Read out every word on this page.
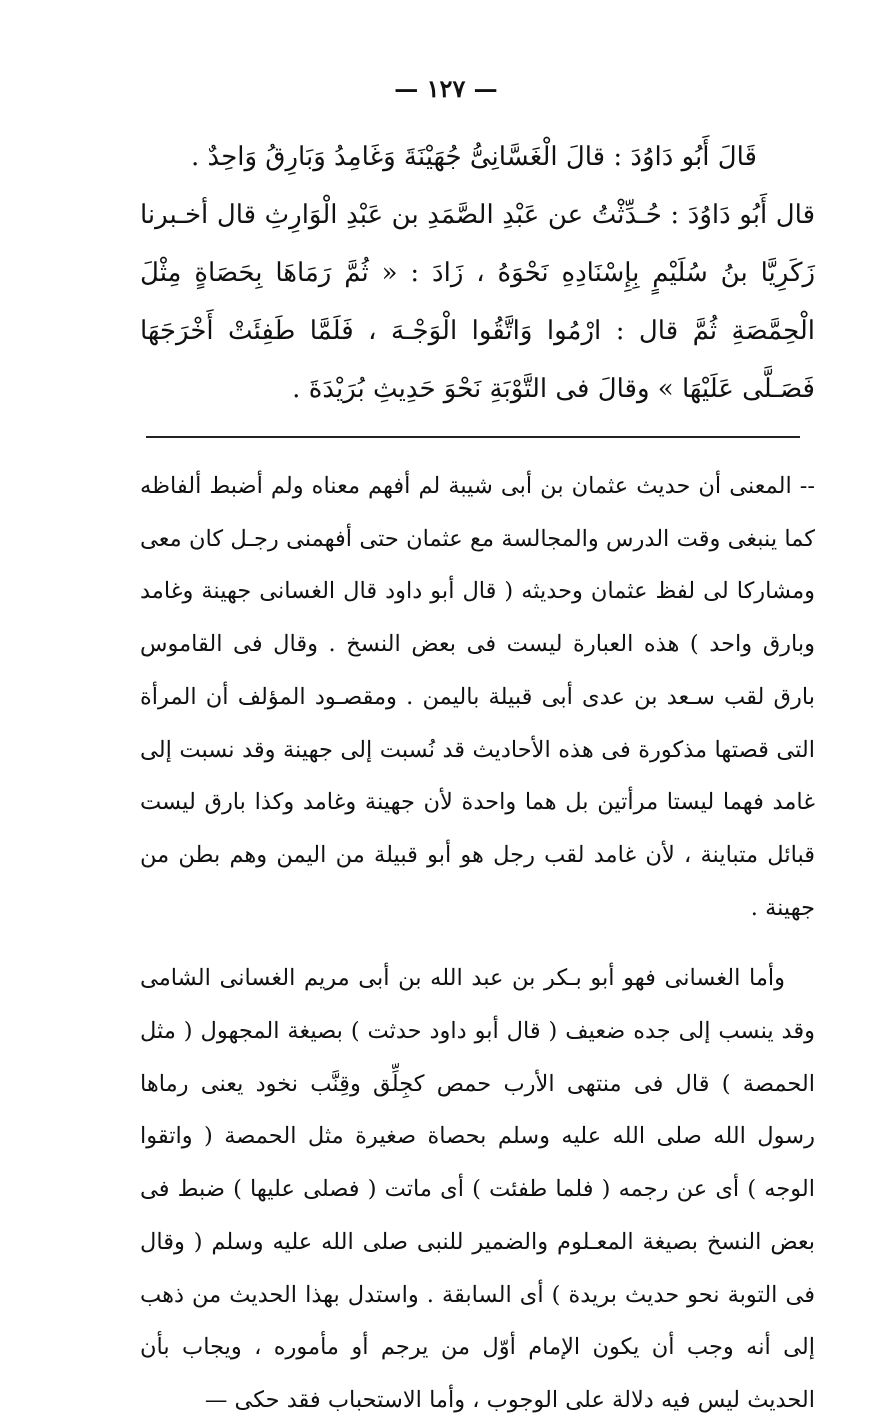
— ١٢٧ —

قَالَ أَبُو دَاوُدَ : قالَ الْغَسَّانِىُّ جُهَيْنَةَ وَغَامِدُ وَبَارِقُ وَاحِدٌ .

قال أَبُو دَاوُدَ : حُـدِّثْتُ عن عَبْدِ الصَّمَدِ بن عَبْدِ الْوَارِثِ قال أخـبرنا زَكَرِيَّا بنُ سُلَيْمٍ بِإِسْنَادِهِ نَحْوَهُ ، زَادَ : « ثُمَّ رَمَاهَا بِحَصَاةٍ مِثْلَ الْحِمَّصَةِ ثُمَّ قال : ارْمُوا وَاتَّقُوا الْوَجْـهَ ، فَلَمَّا طَفِئَتْ أَخْرَجَهَا فَصَـلَّى عَلَيْهَا » وقالَ فى التَّوْبَةِ نَحْوَ حَدِيثِ بُرَيْدَةَ .

-- المعنى أن حديث عثمان بن أبى شيبة لم أفهم معناه ولم أضبط ألفاظه كما ينبغى وقت الدرس والمجالسة مع عثمان حتى أفهمنى رجـل كان معى ومشاركا لى لفظ عثمان وحديثه ( قال أبو داود قال الغسانى جهينة وغامد وبارق واحد ) هذه العبارة ليست فى بعض النسخ . وقال فى القاموس بارق لقب سـعد بن عدى أبى قبيلة باليمن . ومقصـود المؤلف أن المرأة التى قصتها مذكورة فى هذه الأحاديث قد نُسبت إلى جهينة وقد نسبت إلى غامد فهما ليستا مرأتين بل هما واحدة لأن جهينة وغامد وكذا بارق ليست قبائل متباينة ، لأن غامد لقب رجل هو أبو قبيلة من اليمن وهم بطن من جهينة .

وأما الغسانى فهو أبو بـكر بن عبد الله بن أبى مريم الغسانى الشامى وقد ينسب إلى جده ضعيف ( قال أبو داود حدثت ) بصيغة المجهول ( مثل الحمصة ) قال فى منتهى الأرب حمص كجِلِّق وقِنَّب نخود يعنى رماها رسول الله صلى الله عليه وسلم بحصاة صغيرة مثل الحمصة ( واتقوا الوجه ) أى عن رجمه ( فلما طفئت ) أى ماتت ( فصلى عليها ) ضبط فى بعض النسخ بصيغة المعـلوم والضمير للنبى صلى الله عليه وسلم ( وقال فى التوبة نحو حديث بريدة ) أى السابقة . واستدل بهذا الحديث من ذهب إلى أنه وجب أن يكون الإمام أوّل من يرجم أو مأموره ، ويجاب بأن الحديث ليس فيه دلالة على الوجوب ، وأما الاستحباب فقد حكى —
